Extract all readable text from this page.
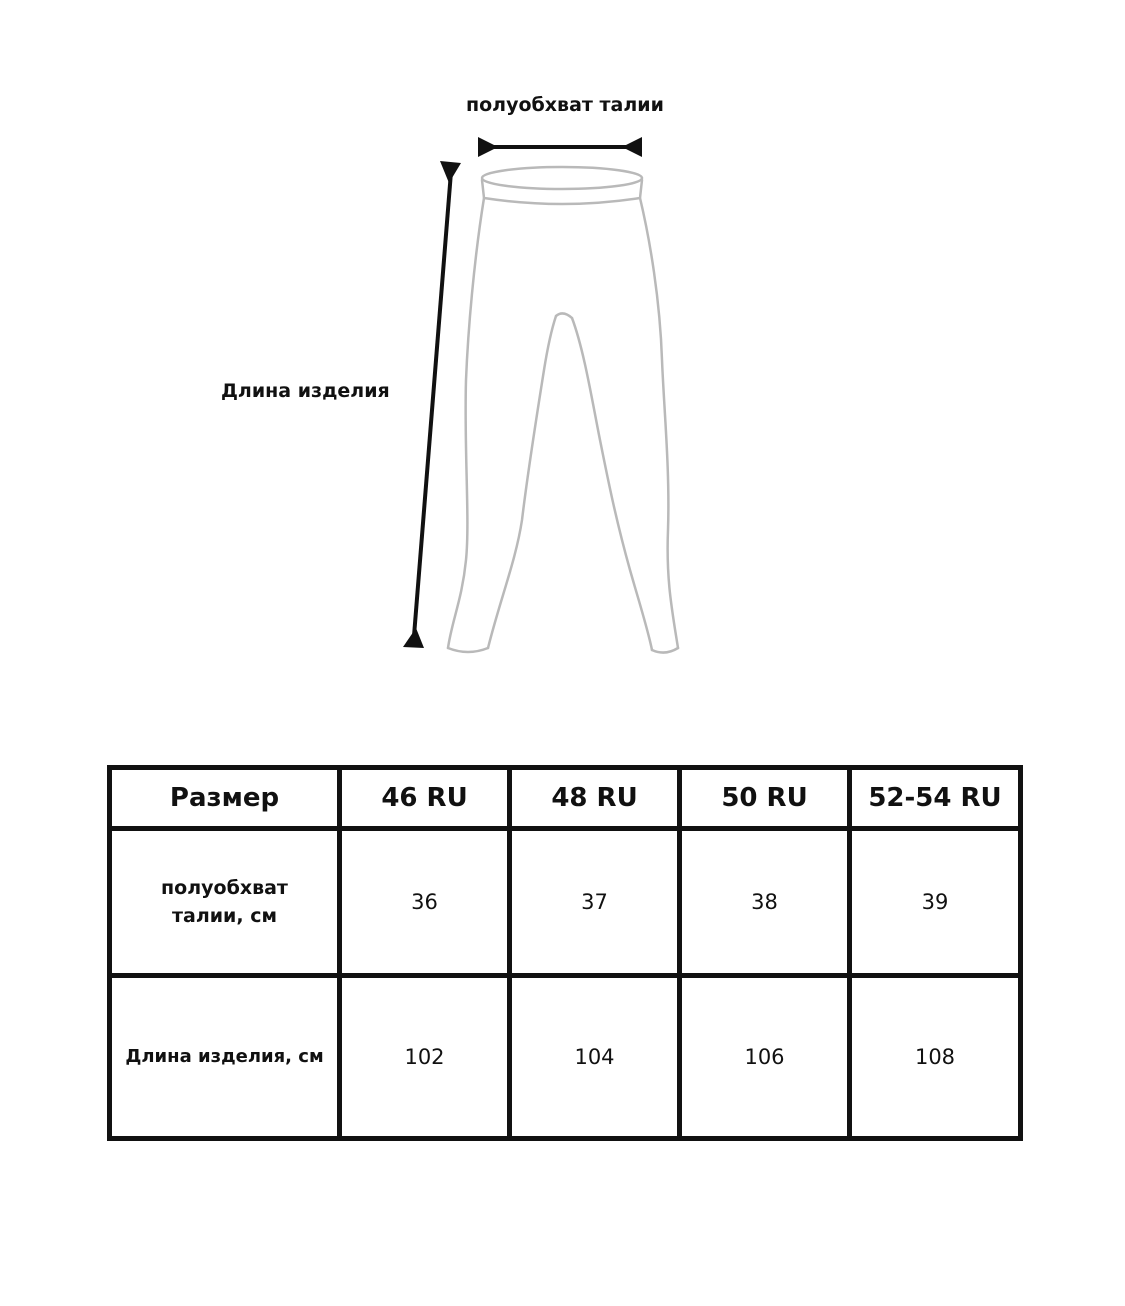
полуобхват талии
Длина изделия
Размер	46 RU	48 RU	50 RU	52-54 RU

полуобхват талии, см	36	37	38	39
Длина изделия, см	102	104	106	108
